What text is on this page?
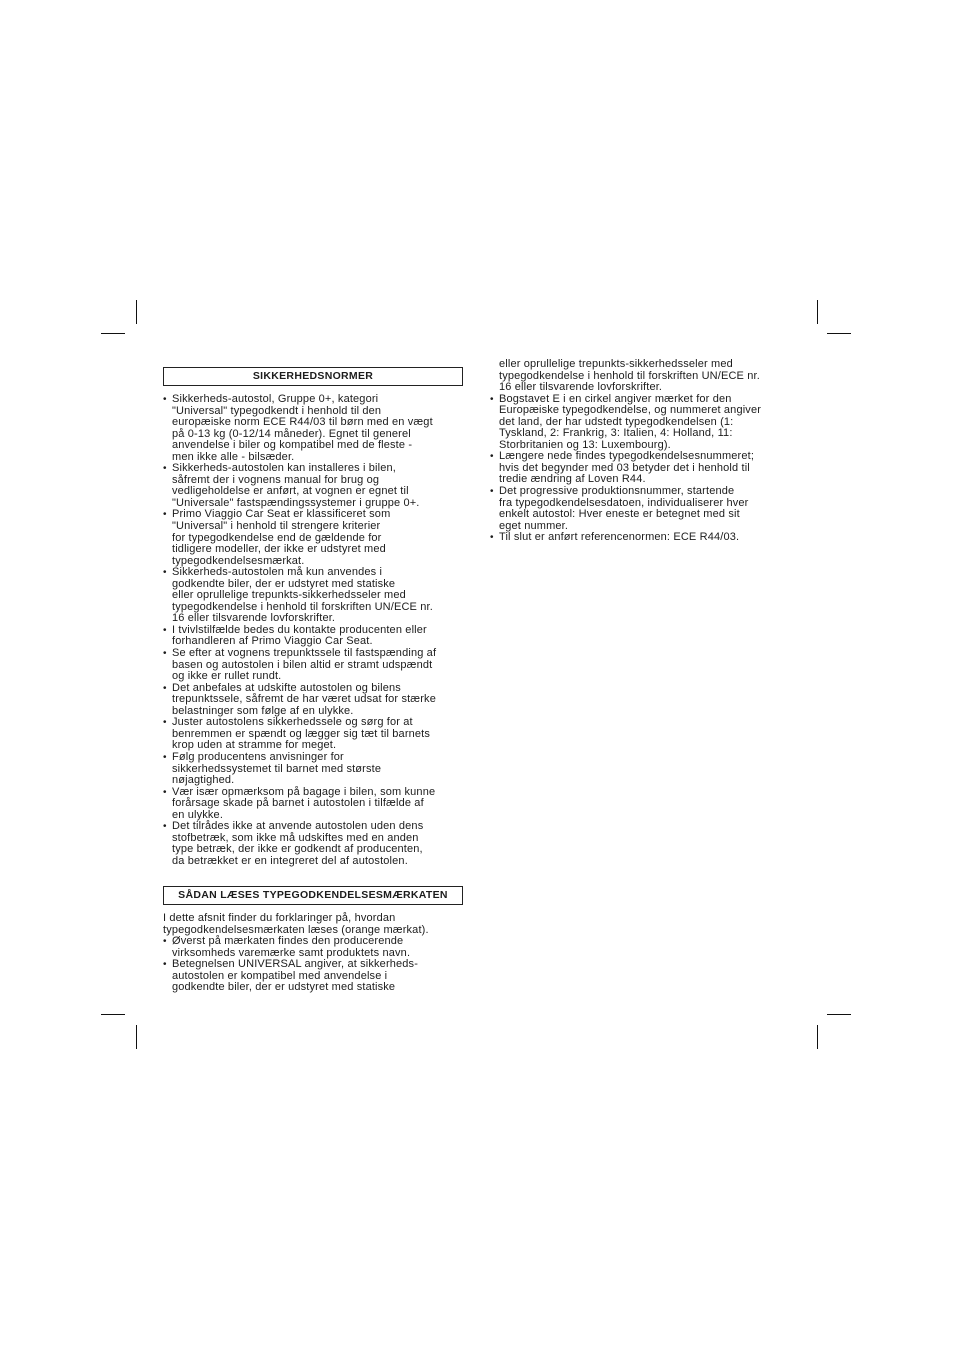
SIKKERHEDSNORMER
• Sikkerheds-autostol, Gruppe 0+, kategori
"Universal" typegodkendt i henhold til den
europæiske norm ECE R44/03 til børn med en vægt
på 0-13 kg (0-12/14 måneder). Egnet til generel
anvendelse i biler og kompatibel med de fleste -
men ikke alle - bilsæder.
• Sikkerheds-autostolen kan installeres i bilen,
såfremt der i vognens manual for brug og
vedligeholdelse er anført, at vognen er egnet til
"Universale" fastspændingssystemer i gruppe 0+.
• Primo Viaggio Car Seat er klassificeret som
"Universal" i henhold til strengere kriterier
for typegodkendelse end de gældende for
tidligere modeller, der ikke er udstyret med
typegodkendelsesmærkat.
• Sikkerheds-autostolen må kun anvendes i
godkendte biler, der er udstyret med statiske
eller oprullelige trepunkts-sikkerhedsseler med
typegodkendelse i henhold til forskriften UN/ECE nr.
16 eller tilsvarende lovforskrifter.
• I tvivlstilfælde bedes du kontakte producenten eller
forhandleren af Primo Viaggio Car Seat.
• Se efter at vognens trepunktssele til fastspænding af
basen og autostolen i bilen altid er stramt udspændt
og ikke er rullet rundt.
• Det anbefales at udskifte autostolen og bilens
trepunktssele, såfremt de har været udsat for stærke
belastninger som følge af en ulykke.
• Juster autostolens sikkerhedssele og sørg for at
benremmen er spændt og lægger sig tæt til barnets
krop uden at stramme for meget.
• Følg producentens anvisninger for
sikkerhedssystemet til barnet med største
nøjagtighed.
• Vær især opmærksom på bagage i bilen, som kunne
forårsage skade på barnet i autostolen i tilfælde af
en ulykke.
• Det tilrådes ikke at anvende autostolen uden dens
stofbetræk, som ikke må udskiftes med en anden
type betræk, der ikke er godkendt af producenten,
da betrækket er en integreret del af autostolen.
SÅDAN LÆSES TYPEGODKENDELSESMÆRKATEN
I dette afsnit finder du forklaringer på, hvordan
typegodkendelsesmærkaten læses (orange mærkat).
• Øverst på mærkaten findes den producerende
virksomheds varemærke samt produktets navn.
• Betegnelsen UNIVERSAL angiver, at sikkerheds-
autostolen er kompatibel med anvendelse i
godkendte biler, der er udstyret med statiske
eller oprullelige trepunkts-sikkerhedsseler med
typegodkendelse i henhold til forskriften UN/ECE nr.
16 eller tilsvarende lovforskrifter.
• Bogstavet E i en cirkel angiver mærket for den
Europæiske typegodkendelse, og nummeret angiver
det land, der har udstedt typegodkendelsen (1:
Tyskland, 2: Frankrig, 3: Italien, 4: Holland, 11:
Storbritanien og 13: Luxembourg).
• Længere nede findes typegodkendelsesnummeret;
hvis det begynder med 03 betyder det i henhold til
tredie ændring af Loven R44.
• Det progressive produktionsnummer, startende
fra typegodkendelsesdatoen, individualiserer hver
enkelt autostol: Hver eneste er betegnet med sit
eget nummer.
• Til slut er anført referencenormen: ECE R44/03.
